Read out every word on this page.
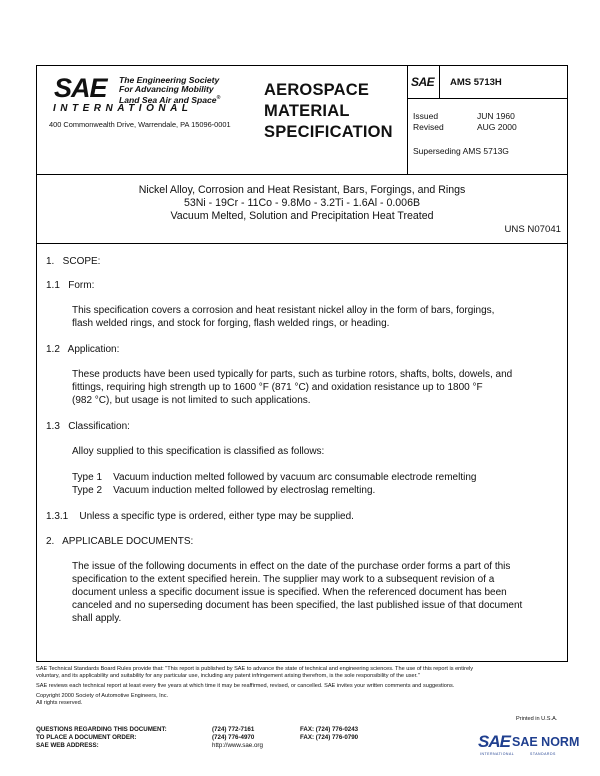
SAE The Engineering Society
For Advancing Mobility
Land Sea Air and Space®
INTERNATIONAL
400 Commonwealth Drive, Warrendale, PA 15096-0001
AEROSPACE
MATERIAL
SPECIFICATION
SAE AMS 5713H
Issued	JUN 1960
Revised	AUG 2000
Superseding AMS 5713G
Nickel Alloy, Corrosion and Heat Resistant, Bars, Forgings, and Rings
53Ni - 19Cr - 11Co - 9.8Mo - 3.2Ti - 1.6Al - 0.006B
Vacuum Melted, Solution and Precipitation Heat Treated
UNS N07041
1.   SCOPE:
1.1   Form:
This specification covers a corrosion and heat resistant nickel alloy in the form of bars, forgings,
flash welded rings, and stock for forging, flash welded rings, or heading.
1.2   Application:
These products have been used typically for parts, such as turbine rotors, shafts, bolts, dowels, and
fittings, requiring high strength up to 1600 °F (871 °C) and oxidation resistance up to 1800 °F
(982 °C), but usage is not limited to such applications.
1.3   Classification:
Alloy supplied to this specification is classified as follows:
Type 1    Vacuum induction melted followed by vacuum arc consumable electrode remelting
Type 2    Vacuum induction melted followed by electroslag remelting.
1.3.1    Unless a specific type is ordered, either type may be supplied.
2.   APPLICABLE DOCUMENTS:
The issue of the following documents in effect on the date of the purchase order forms a part of this
specification to the extent specified herein. The supplier may work to a subsequent revision of a
document unless a specific document issue is specified. When the referenced document has been
canceled and no superseding document has been specified, the last published issue of that document
shall apply.
SAE Technical Standards Board Rules provide that: "This report is published by SAE to advance the state of technical and engineering sciences. The use of this report is entirely
voluntary, and its applicability and suitability for any particular use, including any patent infringement arising therefrom, is the sole responsibility of the user."
SAE reviews each technical report at least every five years at which time it may be reaffirmed, revised, or cancelled. SAE invites your written comments and suggestions.
Copyright 2000 Society of Automotive Engineers, Inc.
All rights reserved.
Printed in U.S.A.
QUESTIONS REGARDING THIS DOCUMENT:	(724) 772-7161	FAX: (724) 776-0243
TO PLACE A DOCUMENT ORDER:	(724) 776-4970	FAX: (724) 776-0790
SAE WEB ADDRESS:	http://www.sae.org	SAE SAE NORM
INTERNATIONAL	STANDARDS
